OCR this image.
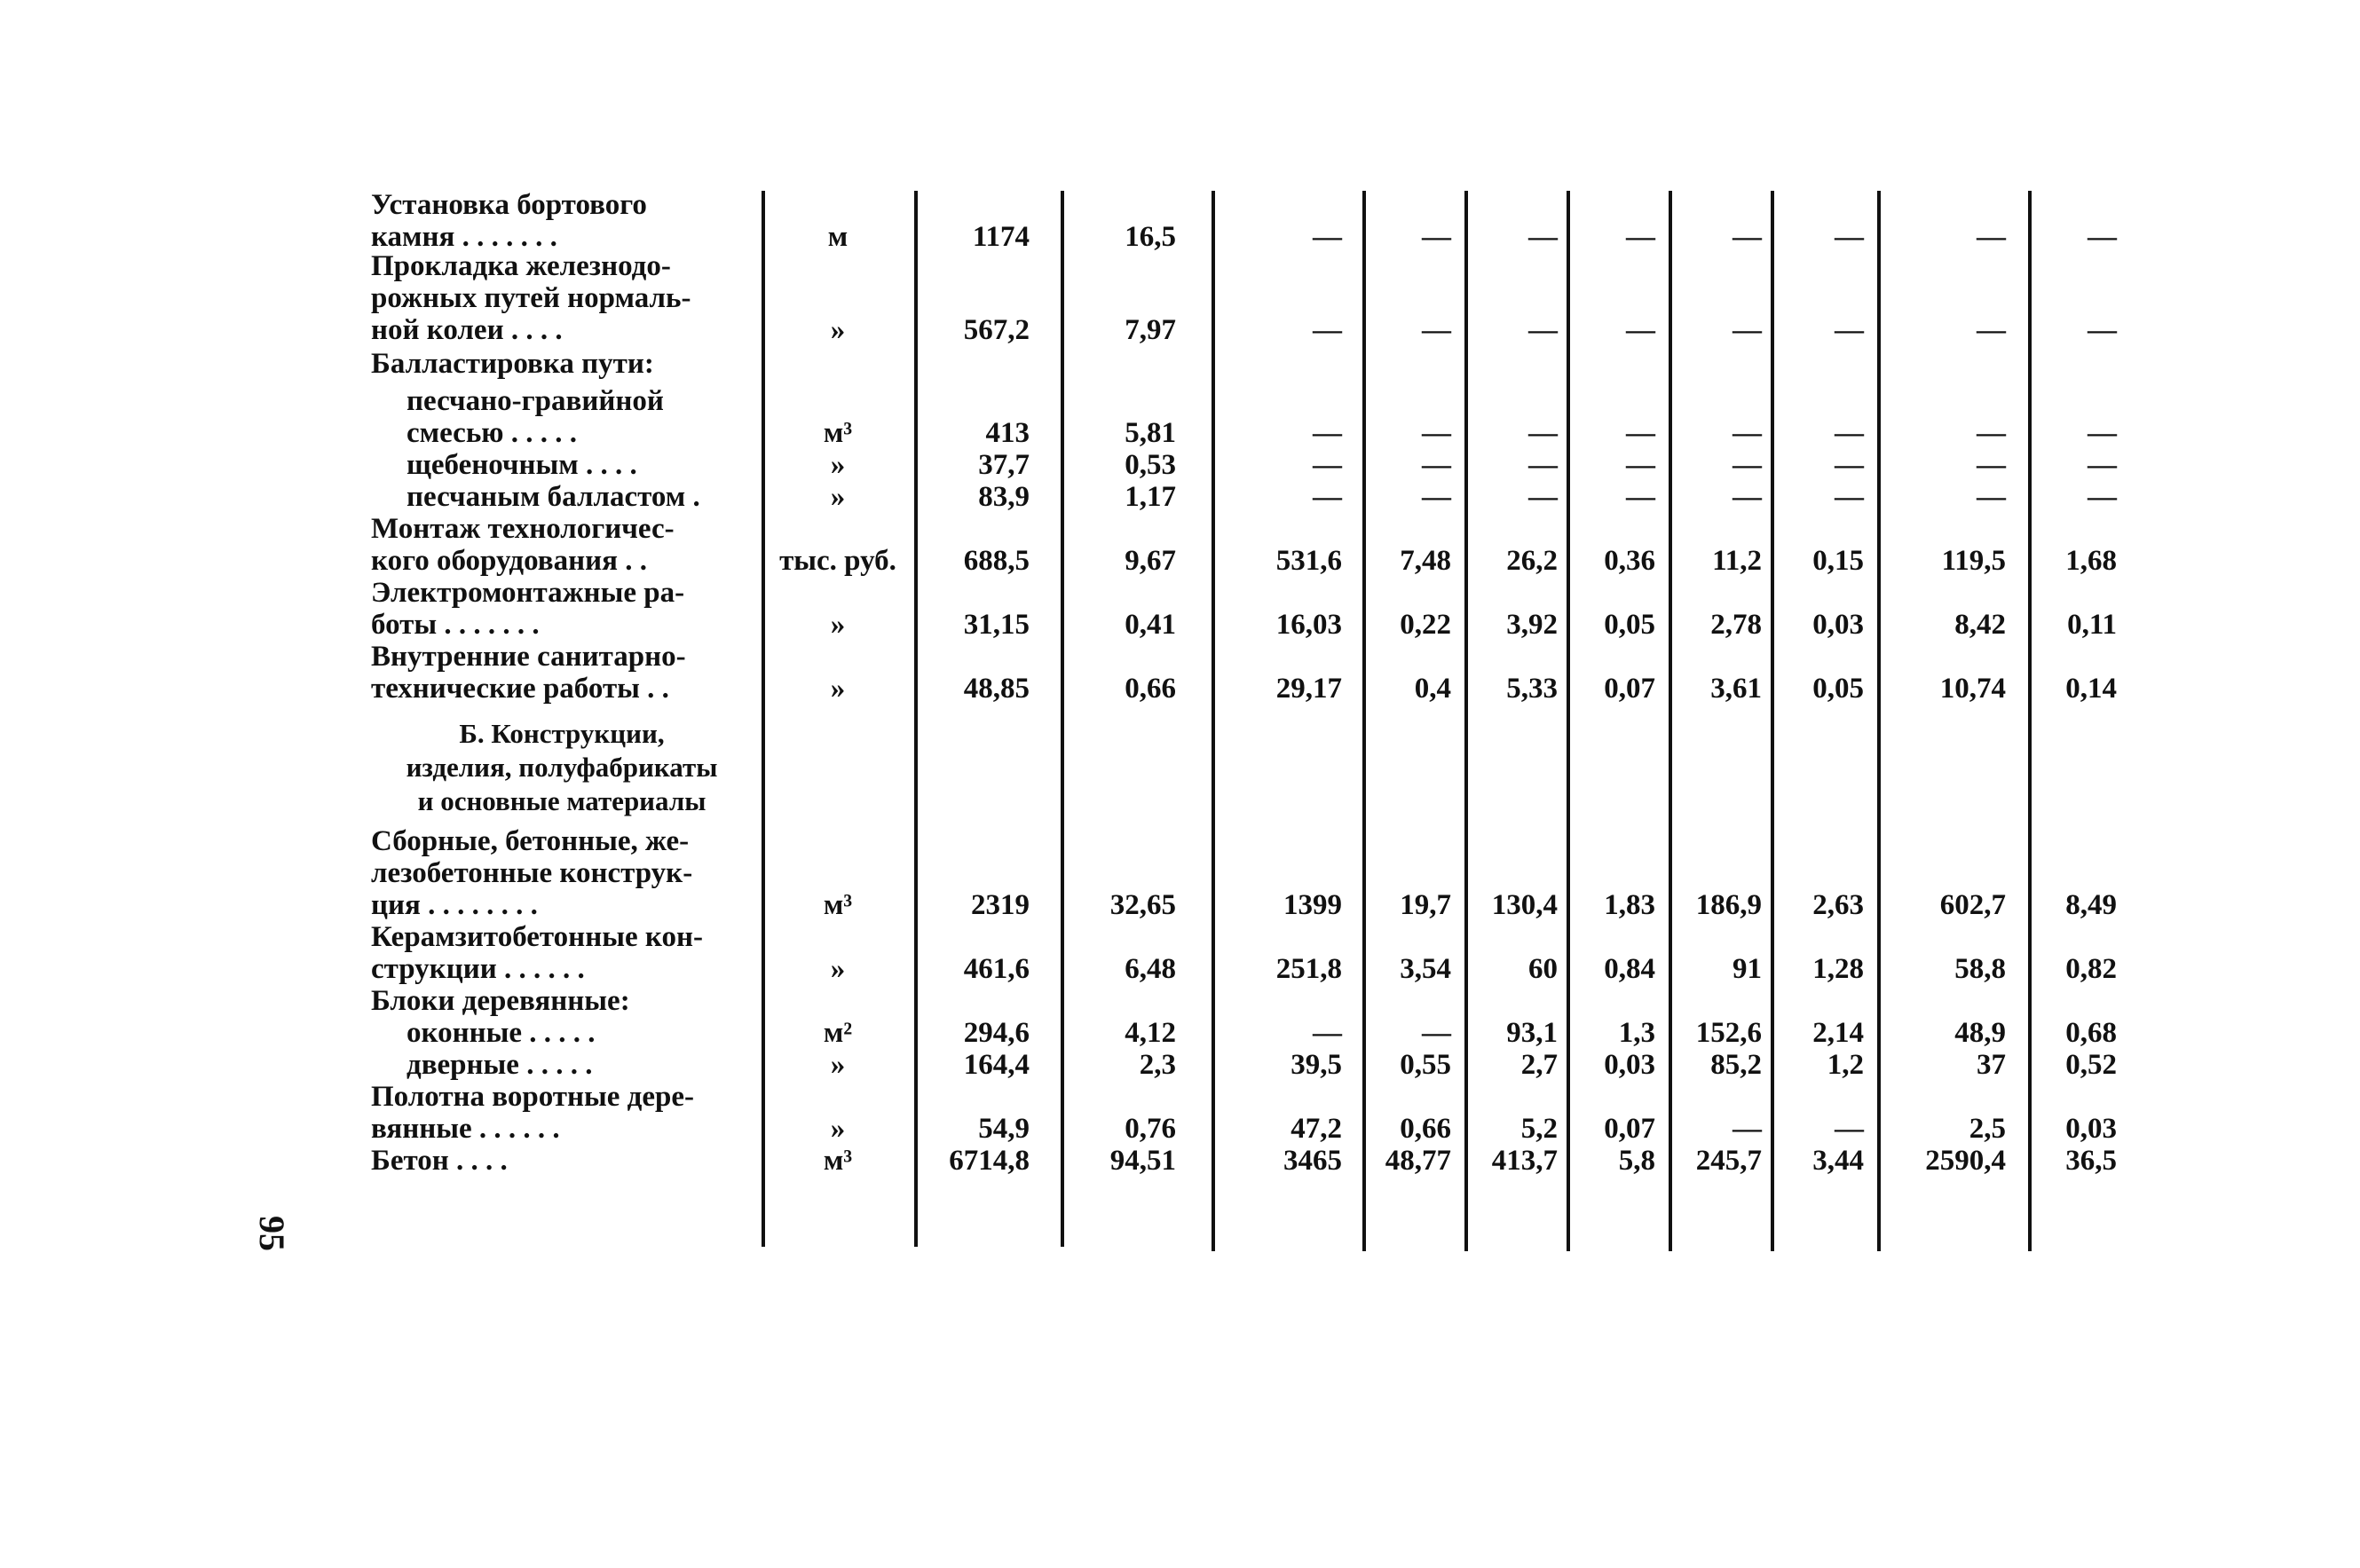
95
Установка бортового
камня . . . . . . .	м	1174	16,5	—	—	—	—	—	—	—	—
Прокладка железнодо-
рожных путей нормаль-
ной колеи . . . .	»	567,2	7,97	—	—	—	—	—	—	—	—
Балластировка пути:
песчано-гравийной
смесью . . . . .	м³	413	5,81	—	—	—	—	—	—	—	—
щебеночным . . . .	»	37,7	0,53	—	—	—	—	—	—	—	—
песчаным балластом .	»	83,9	1,17	—	—	—	—	—	—	—	—
Монтаж технологичес-
кого оборудования . .	тыс. руб.	688,5	9,67	531,6	7,48	26,2	0,36	11,2	0,15	119,5	1,68
Электромонтажные ра-
боты . . . . . . .	»	31,15	0,41	16,03	0,22	3,92	0,05	2,78	0,03	8,42	0,11
Внутренние санитарно-
технические работы . .	»	48,85	0,66	29,17	0,4	5,33	0,07	3,61	0,05	10,74	0,14
Сборные, бетонные, же-
лезобетонные конструк-
ция . . . . . . . .	м³	2319	32,65	1399	19,7	130,4	1,83	186,9	2,63	602,7	8,49
Керамзитобетонные кон-
струкции . . . . . .	»	461,6	6,48	251,8	3,54	60	0,84	91	1,28	58,8	0,82
Блоки деревянные:
оконные . . . . .	м²	294,6	4,12	—	—	93,1	1,3	152,6	2,14	48,9	0,68
дверные . . . . .	»	164,4	2,3	39,5	0,55	2,7	0,03	85,2	1,2	37	0,52
Полотна воротные дере-
вянные . . . . . .	»	54,9	0,76	47,2	0,66	5,2	0,07	—	—	2,5	0,03
Бетон . . . .	м³	6714,8	94,51	3465	48,77	413,7	5,8	245,7	3,44	2590,4	36,5
Б. Конструкции,
изделия, полуфабрикаты
и основные материалы
